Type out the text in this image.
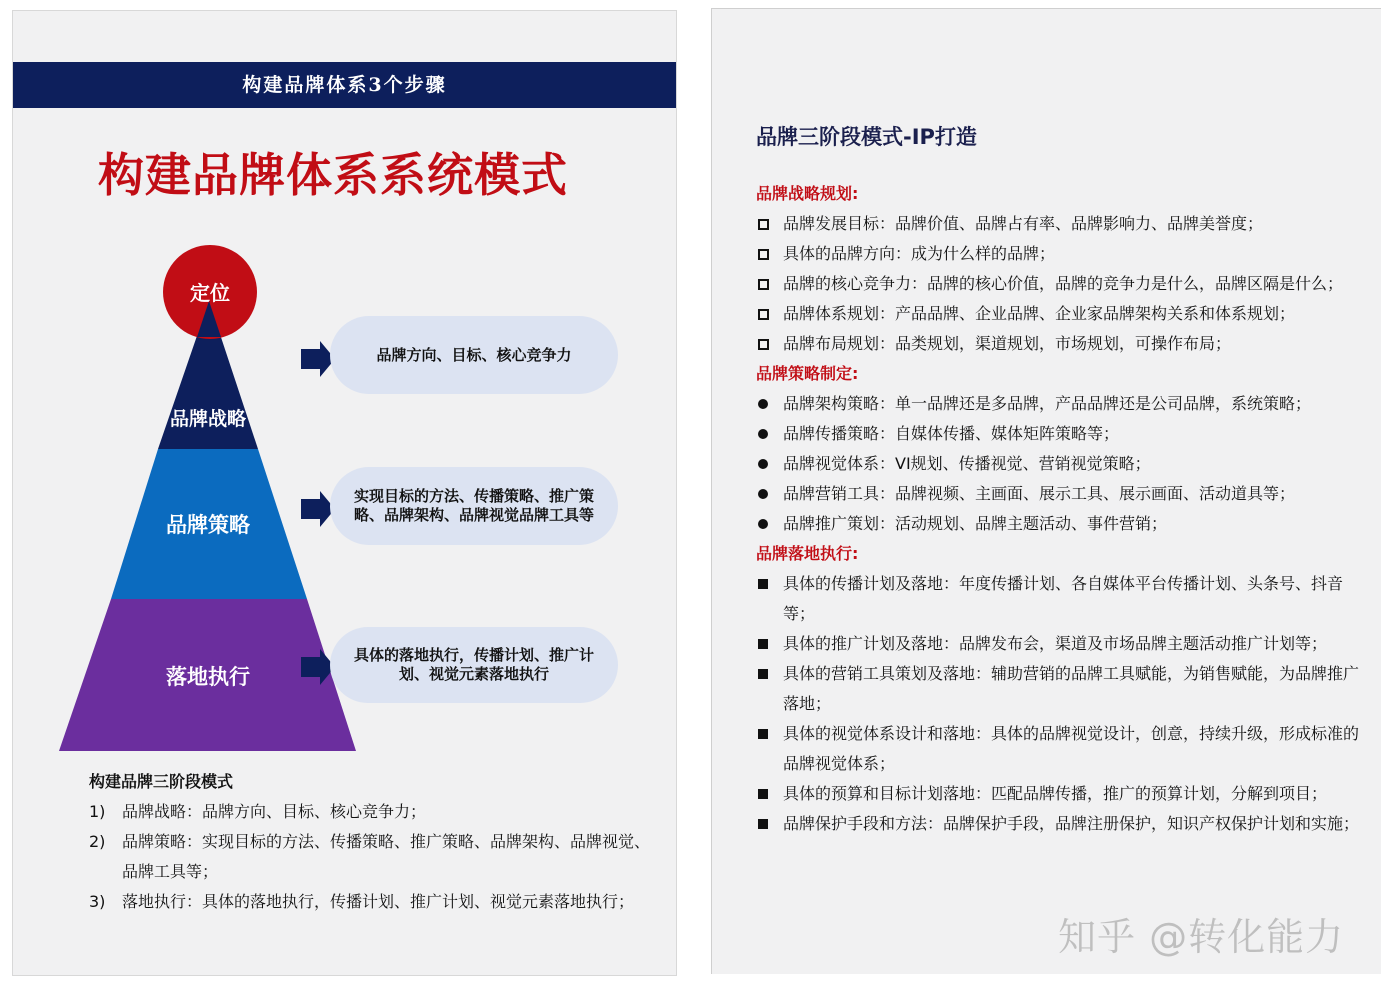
构建品牌体系3个步骤
构建品牌体系系统模式
定位
品牌战略
品牌策略
落地执行
品牌方向、目标、核心竞争力
实现目标的方法、传播策略、推广策略、品牌架构、品牌视觉品牌工具等
具体的落地执行，传播计划、推广计划、视觉元素落地执行
构建品牌三阶段模式
1)	品牌战略：品牌方向、目标、核心竞争力；
2)	品牌策略：实现目标的方法、传播策略、推广策略、品牌架构、品牌视觉、品牌工具等；
3)	落地执行：具体的落地执行，传播计划、推广计划、视觉元素落地执行；
品牌三阶段模式-IP打造
品牌战略规划:
品牌发展目标：品牌价值、品牌占有率、品牌影响力、品牌美誉度；
具体的品牌方向：成为什么样的品牌；
品牌的核心竞争力：品牌的核心价值，品牌的竞争力是什么，品牌区隔是什么；
品牌体系规划：产品品牌、企业品牌、企业家品牌架构关系和体系规划；
品牌布局规划：品类规划，渠道规划，市场规划，可操作布局；
品牌策略制定:
品牌架构策略：单一品牌还是多品牌，产品品牌还是公司品牌，系统策略；
品牌传播策略：自媒体传播、媒体矩阵策略等；
品牌视觉体系：VI规划、传播视觉、营销视觉策略；
品牌营销工具：品牌视频、主画面、展示工具、展示画面、活动道具等；
品牌推广策划：活动规划、品牌主题活动、事件营销；
品牌落地执行:
具体的传播计划及落地：年度传播计划、各自媒体平台传播计划、头条号、抖音等；
具体的推广计划及落地：品牌发布会，渠道及市场品牌主题活动推广计划等；
具体的营销工具策划及落地：辅助营销的品牌工具赋能，为销售赋能，为品牌推广落地；
具体的视觉体系设计和落地：具体的品牌视觉设计，创意，持续升级，形成标准的品牌视觉体系；
具体的预算和目标计划落地：匹配品牌传播，推广的预算计划，分解到项目；
品牌保护手段和方法：品牌保护手段，品牌注册保护，知识产权保护计划和实施；
知乎 @转化能力
